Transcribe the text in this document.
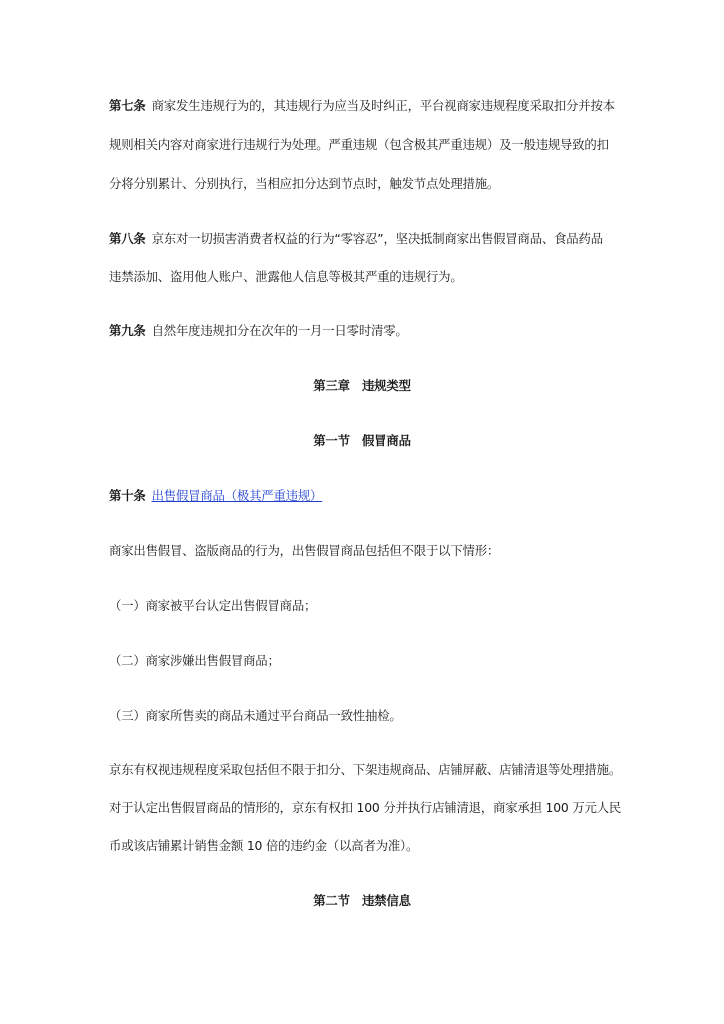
第七条 商家发生违规行为的，其违规行为应当及时纠正，平台视商家违规程度采取扣分并按本
规则相关内容对商家进行违规行为处理。严重违规（包含极其严重违规）及一般违规导致的扣
分将分别累计、分别执行，当相应扣分达到节点时，触发节点处理措施。
第八条 京东对一切损害消费者权益的行为“零容忍”，坚决抵制商家出售假冒商品、食品药品
违禁添加、盗用他人账户、泄露他人信息等极其严重的违规行为。
第九条 自然年度违规扣分在次年的一月一日零时清零。
第三章　违规类型
第一节　假冒商品
第十条 出售假冒商品（极其严重违规）
商家出售假冒、盗版商品的行为，出售假冒商品包括但不限于以下情形：
（一）商家被平台认定出售假冒商品；
（二）商家涉嫌出售假冒商品；
（三）商家所售卖的商品未通过平台商品一致性抽检。
京东有权视违规程度采取包括但不限于扣分、下架违规商品、店铺屏蔽、店铺清退等处理措施。
对于认定出售假冒商品的情形的，京东有权扣 100 分并执行店铺清退，商家承担 100 万元人民
币或该店铺累计销售金额 10 倍的违约金（以高者为准）。
第二节　违禁信息
